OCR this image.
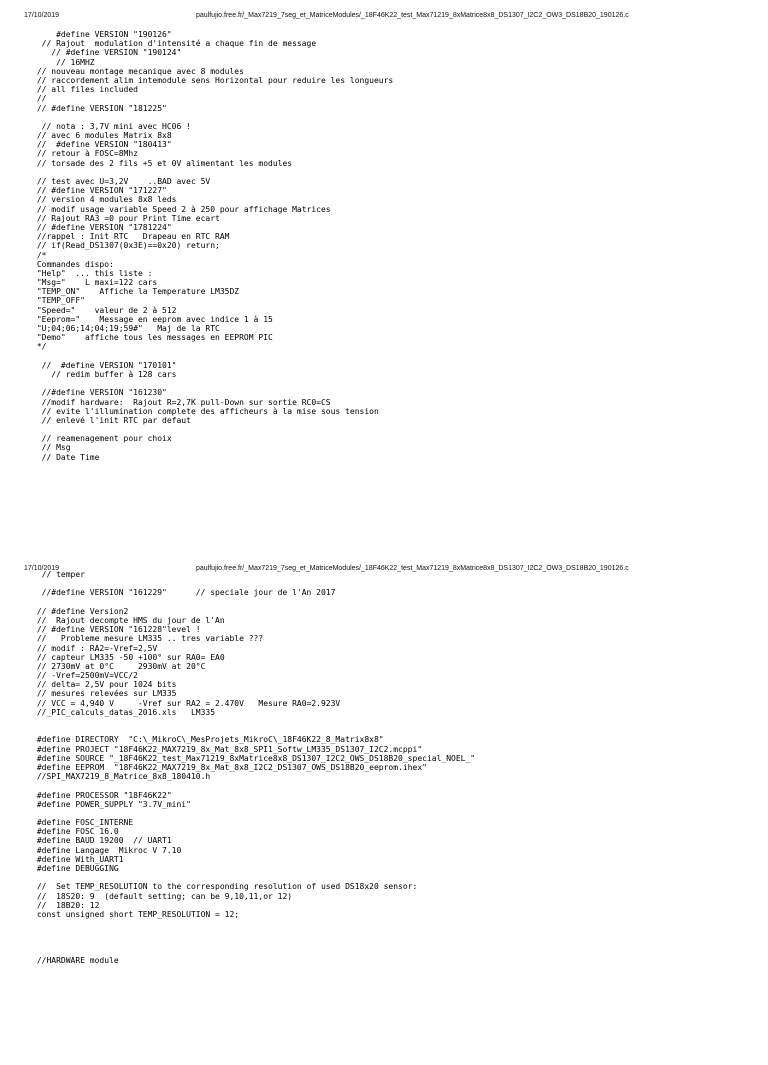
17/10/2019	paulfujio.free.fr/_Max7219_7seg_et_MatriceModules/_18F46K22_test_Max71219_8xMatrice8x8_DS1307_I2C2_OW3_DS18B20_190126.c
#define VERSION "190126"
// Rajout  modulation d'intensité a chaque fin de message
// #define VERSION "190124"
// 16MHZ
// nouveau montage mecanique avec 8 modules
// raccordement alim intemodule sens Horizontal pour reduire les longueurs
// all files included
//
// #define VERSION "181225"
// nota : 3,7V mini avec HC06 !
// avec 6 modules Matrix 8x8
//  #define VERSION "180413"
// retour à FOSC=8Mhz
// torsade des 2 fils +5 et 0V alimentant les modules
// test avec U=3,2V    ..BAD avec 5V
// #define VERSION "171227"
// version 4 modules 8x8 leds
// modif usage variable Speed 2 à 250 pour affichage Matrices
// Rajout RA3 =0 pour Print Time ecart
// #define VERSION "1781224"
//rappel : Init RTC   Drapeau en RTC RAM
// if(Read_DS1307(0x3E)==0x20) return;
/*
Commandes dispo:
"Help"  ... this liste :
"Msg="    L maxi=122 cars
"TEMP_ON"    Affiche la Temperature LM35DZ
"TEMP_OFF"
"Speed="    valeur de 2 à 512
"Eeprom="    Message en eeprom avec indice 1 à 15
"U;04;06;14;04;19;59#"   Maj de la RTC
"Demo"    affiche tous les messages en EEPROM PIC
*/
//  #define VERSION "170101"
// redim buffer à 128 cars
//#define VERSION "161230"
//modif hardware:  Rajout R=2,7K pull-Down sur sortie RC0=CS
// evite l'illumination complete des afficheurs à la mise sous tension
// enlevé l'init RTC par defaut
// reamenagement pour choix
// Msg
// Date Time
17/10/2019	paulfujio.free.fr/_Max7219_7seg_et_MatriceModules/_18F46K22_test_Max71219_8xMatrice8x8_DS1307_I2C2_OW3_DS18B20_190126.c
// temper
//#define VERSION "161229"      // speciale jour de l'An 2017
// #define Version2
//  Rajout decompte HMS du jour de l'An
// #define VERSION "161228"level !
//   Probleme mesure LM335 .. tres variable ???
// modif : RA2=-Vref=2,5V
// capteur LM335 -50 +100° sur RA0= EA0
// 2730mV at 0°C     2930mV at 20°C
// -Vref=2500mV=VCC/2
// delta= 2,5V pour 1024 bits
// mesures relevées sur LM335
// VCC = 4,940 V     -Vref sur RA2 = 2.470V   Mesure RA0=2.923V
//_PIC_calculs_datas_2016.xls   LM335
#define DIRECTORY  "C:\_MikroC\_MesProjets_MikroC\_18F46K22_8_Matrix8x8"
#define PROJECT "18F46K22_MAX7219_8x_Mat_8x8_SPI1_Softw_LM335_DS1307_I2C2.mcppi"
#define SOURCE "_18F46K22_test_Max71219_8xMatrice8x8_DS1307_I2C2_OWS_DS18B20_special_NOEL_"
#define EEPROM  "18F46K22_MAX7219_8x_Mat_8x8_I2C2_DS1307_OWS_DS18B20_eeprom.ihex"
//SPI_MAX7219_8_Matrice_8x8_180410.h
#define PROCESSOR "18F46K22"
#define POWER_SUPPLY "3.7V_mini"
#define FOSC_INTERNE
#define FOSC 16.0
#define BAUD 19200  // UART1
#define Langage  Mikroc V 7.10
#define With_UART1
#define DEBUGGING
//  Set TEMP_RESOLUTION to the corresponding resolution of used DS18x20 sensor:
//  18S20: 9  (default setting; can be 9,10,11,or 12)
//  18B20: 12
const unsigned short TEMP_RESOLUTION = 12;
//HARDWARE module
